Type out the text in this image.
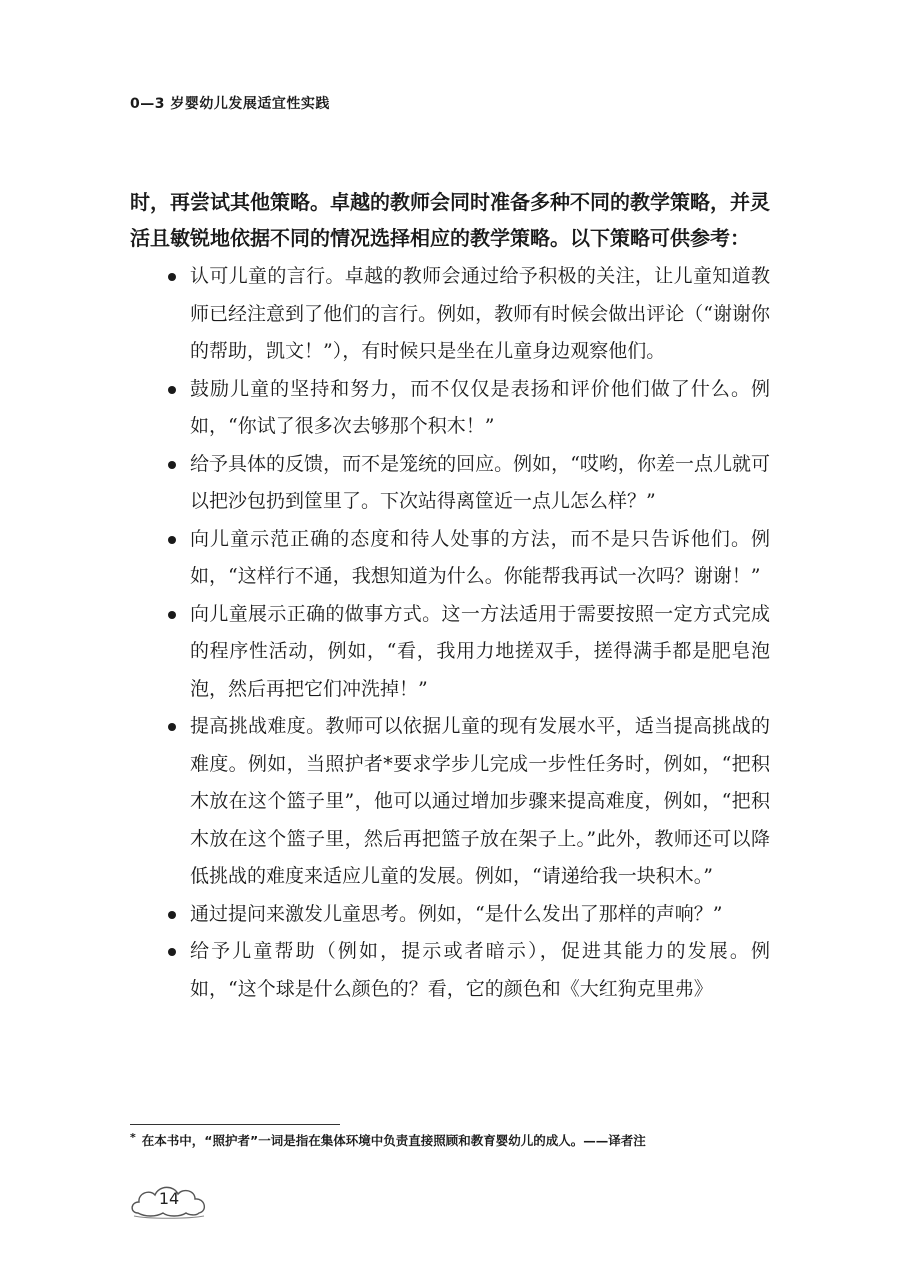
0—3 岁婴幼儿发展适宜性实践

时，再尝试其他策略。卓越的教师会同时准备多种不同的教学策略，并灵活且敏锐地依据不同的情况选择相应的教学策略。以下策略可供参考：

认可儿童的言行。卓越的教师会通过给予积极的关注，让儿童知道教师已经注意到了他们的言行。例如，教师有时候会做出评论（“谢谢你的帮助，凯文！”），有时候只是坐在儿童身边观察他们。
鼓励儿童的坚持和努力，而不仅仅是表扬和评价他们做了什么。例如，“你试了很多次去够那个积木！”
给予具体的反馈，而不是笼统的回应。例如，“哎哟，你差一点儿就可以把沙包扔到筐里了。下次站得离筐近一点儿怎么样？”
向儿童示范正确的态度和待人处事的方法，而不是只告诉他们。例如，“这样行不通，我想知道为什么。你能帮我再试一次吗？谢谢！”
向儿童展示正确的做事方式。这一方法适用于需要按照一定方式完成的程序性活动，例如，“看，我用力地搓双手，搓得满手都是肥皂泡泡，然后再把它们冲洗掉！”
提高挑战难度。教师可以依据儿童的现有发展水平，适当提高挑战的难度。例如，当照护者*要求学步儿完成一步性任务时，例如，“把积木放在这个篮子里”，他可以通过增加步骤来提高难度，例如，“把积木放在这个篮子里，然后再把篮子放在架子上。”此外，教师还可以降低挑战的难度来适应儿童的发展。例如，“请递给我一块积木。”
通过提问来激发儿童思考。例如，“是什么发出了那样的声响？”
给予儿童帮助（例如，提示或者暗示），促进其能力的发展。例如，“这个球是什么颜色的？看，它的颜色和《大红狗克里弗》
* 在本书中，“照护者”一词是指在集体环境中负责直接照顾和教育婴幼儿的成人。——译者注
14
